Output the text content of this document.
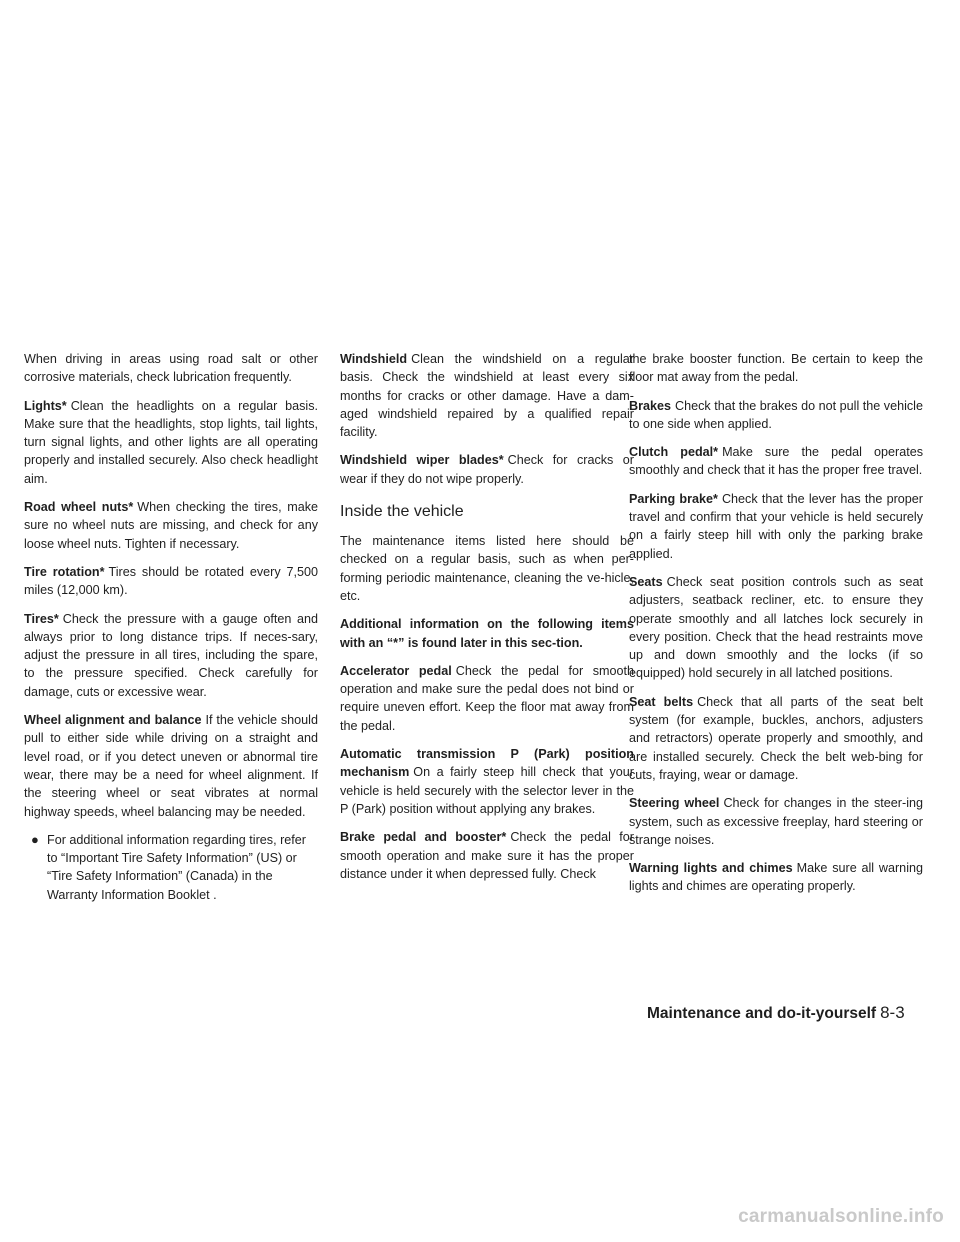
When driving in areas using road salt or other corrosive materials, check lubrication frequently.

Lights* Clean the headlights on a regular basis. Make sure that the headlights, stop lights, tail lights, turn signal lights, and other lights are all operating properly and installed securely. Also check headlight aim.

Road wheel nuts* When checking the tires, make sure no wheel nuts are missing, and check for any loose wheel nuts. Tighten if necessary.

Tire rotation* Tires should be rotated every 7,500 miles (12,000 km).

Tires* Check the pressure with a gauge often and always prior to long distance trips. If neces-sary, adjust the pressure in all tires, including the spare, to the pressure specified. Check carefully for damage, cuts or excessive wear.

Wheel alignment and balance If the vehicle should pull to either side while driving on a straight and level road, or if you detect uneven or abnormal tire wear, there may be a need for wheel alignment. If the steering wheel or seat vibrates at normal highway speeds, wheel balancing may be needed.

● For additional information regarding tires, refer to “Important Tire Safety Information” (US) or “Tire Safety Information” (Canada) in the Warranty Information Booklet .

Windshield Clean the windshield on a regular basis. Check the windshield at least every six months for cracks or other damage. Have a dam-aged windshield repaired by a qualified repair facility.

Windshield wiper blades* Check for cracks or wear if they do not wipe properly.

Inside the vehicle

The maintenance items listed here should be checked on a regular basis, such as when per-forming periodic maintenance, cleaning the ve-hicle, etc.

Additional information on the following items with an “*” is found later in this sec-tion.

Accelerator pedal Check the pedal for smooth operation and make sure the pedal does not bind or require uneven effort. Keep the floor mat away from the pedal.

Automatic transmission P (Park) position mechanism On a fairly steep hill check that your vehicle is held securely with the selector lever in the P (Park) position without applying any brakes.

Brake pedal and booster* Check the pedal for smooth operation and make sure it has the proper distance under it when depressed fully. Check

the brake booster function. Be certain to keep the floor mat away from the pedal.

Brakes Check that the brakes do not pull the vehicle to one side when applied.

Clutch pedal* Make sure the pedal operates smoothly and check that it has the proper free travel.

Parking brake* Check that the lever has the proper travel and confirm that your vehicle is held securely on a fairly steep hill with only the parking brake applied.

Seats Check seat position controls such as seat adjusters, seatback recliner, etc. to ensure they operate smoothly and all latches lock securely in every position. Check that the head restraints move up and down smoothly and the locks (if so equipped) hold securely in all latched positions.

Seat belts Check that all parts of the seat belt system (for example, buckles, anchors, adjusters and retractors) operate properly and smoothly, and are installed securely. Check the belt web-bing for cuts, fraying, wear or damage.

Steering wheel Check for changes in the steer-ing system, such as excessive freeplay, hard steering or strange noises.

Warning lights and chimes Make sure all warning lights and chimes are operating properly.

Maintenance and do-it-yourself 8-3
carmanualsonline.info
